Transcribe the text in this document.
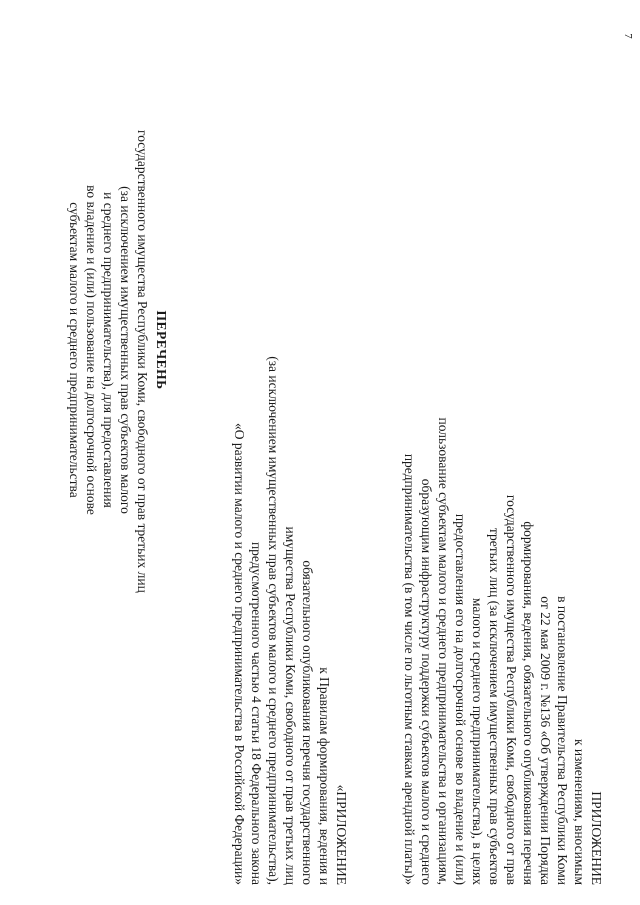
7
ПРИЛОЖЕНИЕ
к изменениям, вносимым
в постановление Правительства Республики Коми
от 22 мая 2009 г. №136 «Об утверждении Порядка
формирования, ведения, обязательного опубликования перечня
государственного имущества Республики Коми, свободного от прав
третьих лиц (за исключением имущественных прав субъектов
малого и среднего предпринимательства), в целях
предоставления его на долгосрочной основе во владение и (или)
пользование субъектам малого и среднего предпринимательства и организациям,
образующим инфраструктуру поддержки субъектов малого и среднего
предпринимательства (в том числе по льготным ставкам арендной платы)»
«ПРИЛОЖЕНИЕ
к Правилам формирования, ведения и
обязательного опубликования перечня государственного
имущества Республики Коми, свободного от прав третьих лиц
(за исключением имущественных прав субъектов малого и среднего предпринимательства),
предусмотренного частью 4 статьи 18 Федерального закона
«О развитии малого и среднего предпринимательства в Российской Федерации»
ПЕРЕЧЕНЬ
государственного имущества Республики Коми, свободного от прав третьих лиц
(за исключением имущественных прав субъектов малого
и среднего предпринимательства), для предоставления
во владение и (или) пользование на долгосрочной основе
субъектам малого и среднего предпринимательства
